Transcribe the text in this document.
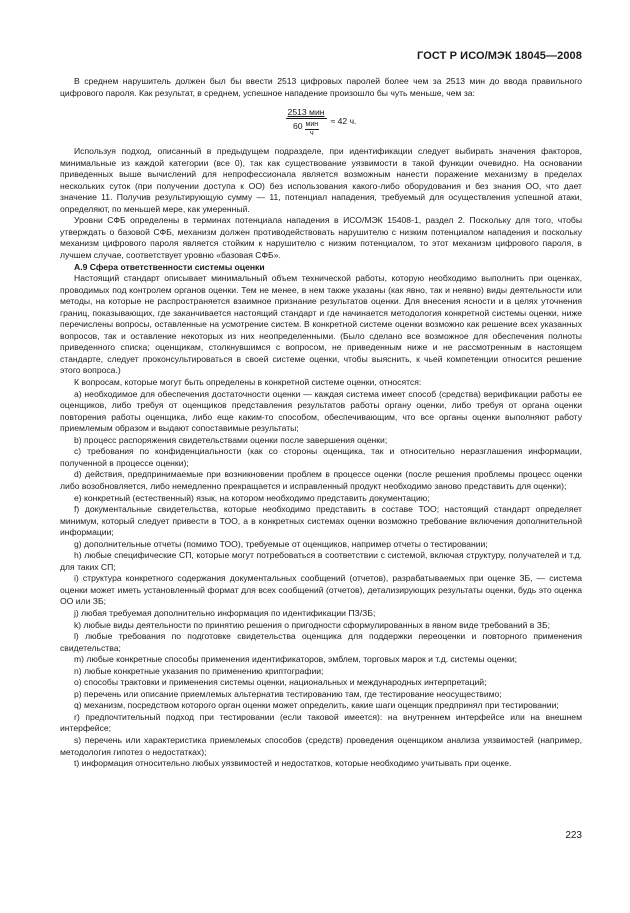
ГОСТ Р ИСО/МЭК 18045—2008

В среднем нарушитель должен был бы ввести 2513 цифровых паролей более чем за 2513 мин до ввода правильного цифрового пароля. Как результат, в среднем, успешное нападение произошло бы чуть меньше, чем за:

2513 мин
60 мин
ч ≈ 42 ч.

Используя подход, описанный в предыдущем подразделе, при идентификации следует выбирать значения факторов, минимальные из каждой категории (все 0), так как существование уязвимости в такой функции очевидно. На основании приведенных выше вычислений для непрофессионала является возможным нанести поражение механизму в пределах нескольких суток (при получении доступа к ОО) без использования какого-либо оборудования и без знания ОО, что дает значение 11. Получив результирующую сумму — 11, потенциал нападения, требуемый для осуществления успешной атаки, определяют, по меньшей мере, как умеренный.

Уровни СФБ определены в терминах потенциала нападения в ИСО/МЭК 15408-1, раздел 2. Поскольку для того, чтобы утверждать о базовой СФБ, механизм должен противодействовать нарушителю с низким потенциалом нападения и поскольку механизм цифрового пароля является стойким к нарушителю с низким потенциалом, то этот механизм цифрового пароля, в лучшем случае, соответствует уровню «базовая СФБ».

А.9 Сфера ответственности системы оценки

Настоящий стандарт описывает минимальный объем технической работы, которую необходимо выполнить при оценках, проводимых под контролем органов оценки. Тем не менее, в нем также указаны (как явно, так и неявно) виды деятельности или методы, на которые не распространяется взаимное признание результатов оценки. Для внесения ясности и в целях уточнения границ, показывающих, где заканчивается настоящий стандарт и где начинается методология конкретной системы оценки, ниже перечислены вопросы, оставленные на усмотрение систем. В конкретной системе оценки возможно как решение всех указанных вопросов, так и оставление некоторых из них неопределенными. (Было сделано все возможное для обеспечения полноты приведенного списка; оценщикам, столкнувшимся с вопросом, не приведенным ниже и не рассмотренным в настоящем стандарте, следует проконсультироваться в своей системе оценки, чтобы выяснить, к чьей компетенции относится решение этого вопроса.)

К вопросам, которые могут быть определены в конкретной системе оценки, относятся:

а) необходимое для обеспечения достаточности оценки — каждая система имеет способ (средства) верификации работы ее оценщиков, либо требуя от оценщиков представления результатов работы органу оценки, либо требуя от органа оценки повторения работы оценщика, либо еще каким-то способом, обеспечивающим, что все органы оценки выполняют работу приемлемым образом и выдают сопоставимые результаты;

b) процесс распоряжения свидетельствами оценки после завершения оценки;

с) требования по конфиденциальности (как со стороны оценщика, так и относительно неразглашения информации, полученной в процессе оценки);

d) действия, предпринимаемые при возникновении проблем в процессе оценки (после решения проблемы процесс оценки либо возобновляется, либо немедленно прекращается и исправленный продукт необходимо заново представить для оценки);

е) конкретный (естественный) язык, на котором необходимо представить документацию;

f) документальные свидетельства, которые необходимо представить в составе ТОО; настоящий стандарт определяет минимум, который следует привести в ТОО, а в конкретных системах оценки возможно требование включения дополнительной информации;

g) дополнительные отчеты (помимо ТОО), требуемые от оценщиков, например отчеты о тестировании;

h) любые специфические СП, которые могут потребоваться в соответствии с системой, включая структуру, получателей и т.д. для таких СП;

i) структура конкретного содержания документальных сообщений (отчетов), разрабатываемых при оценке ЗБ, — система оценки может иметь установленный формат для всех сообщений (отчетов), детализирующих результаты оценки, будь это оценка ОО или ЗБ;

j) любая требуемая дополнительно информация по идентификации ПЗ/ЗБ;

k) любые виды деятельности по принятию решения о пригодности сформулированных в явном виде требований в ЗБ;

l) любые требования по подготовке свидетельства оценщика для поддержки переоценки и повторного применения свидетельства;

m) любые конкретные способы применения идентификаторов, эмблем, торговых марок и т.д. системы оценки;

n) любые конкретные указания по применению криптографии;

о) способы трактовки и применения системы оценки, национальных и международных интерпретаций;

р) перечень или описание приемлемых альтернатив тестированию там, где тестирование неосуществимо;

q) механизм, посредством которого орган оценки может определить, какие шаги оценщик предпринял при тестировании;

r) предпочтительный подход при тестировании (если таковой имеется): на внутреннем интерфейсе или на внешнем интерфейсе;

s) перечень или характеристика приемлемых способов (средств) проведения оценщиком анализа уязвимостей (например, методология гипотез о недостатках);

t) информация относительно любых уязвимостей и недостатков, которые необходимо учитывать при оценке.

223
